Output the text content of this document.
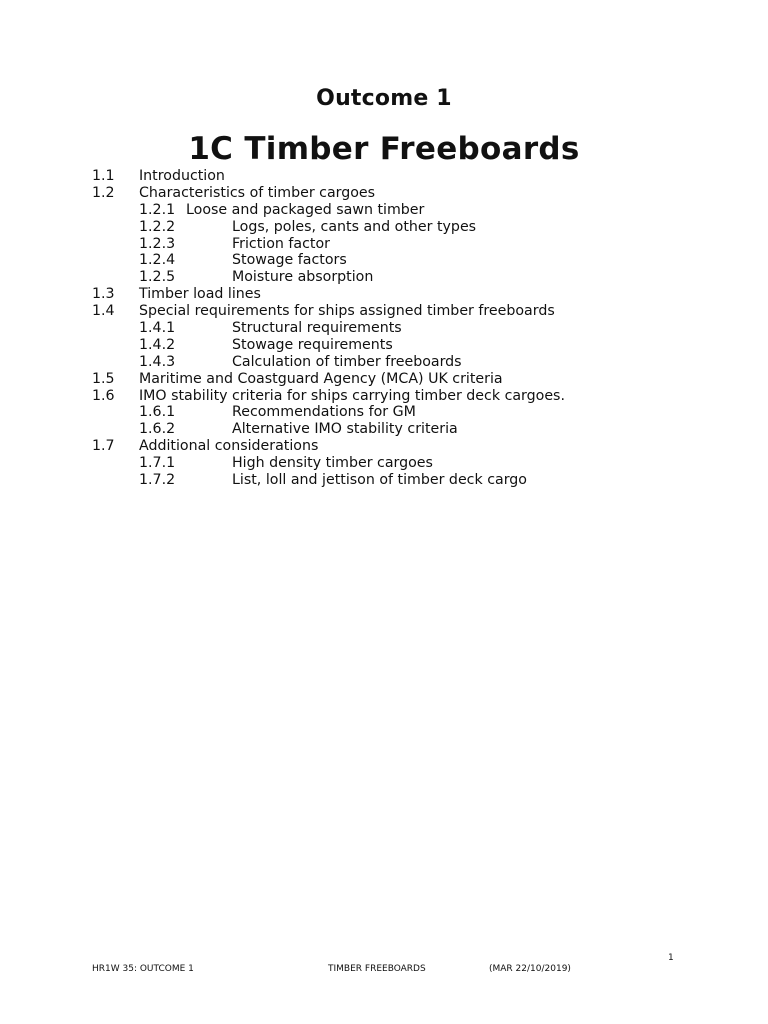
Outcome 1
1C Timber Freeboards
1.1 Introduction
1.2 Characteristics of timber cargoes
1.2.1 Loose and packaged sawn timber
1.2.2	Logs, poles, cants and other types
1.2.3	Friction factor
1.2.4	Stowage factors
1.2.5	Moisture absorption
1.3 Timber load lines
1.4 Special requirements for ships assigned timber freeboards
1.4.1	Structural requirements
1.4.2	Stowage requirements
1.4.3	Calculation of timber freeboards
1.5 Maritime and Coastguard Agency (MCA) UK criteria
1.6 IMO stability criteria for ships carrying timber deck cargoes.
1.6.1	Recommendations for GM
1.6.2	Alternative IMO stability criteria
1.7 Additional considerations
1.7.1	High density timber cargoes
1.7.2	List, loll and jettison of timber deck cargo
1
HR1W 35: OUTCOME 1	TIMBER FREEBOARDS	(MAR 22/10/2019)
